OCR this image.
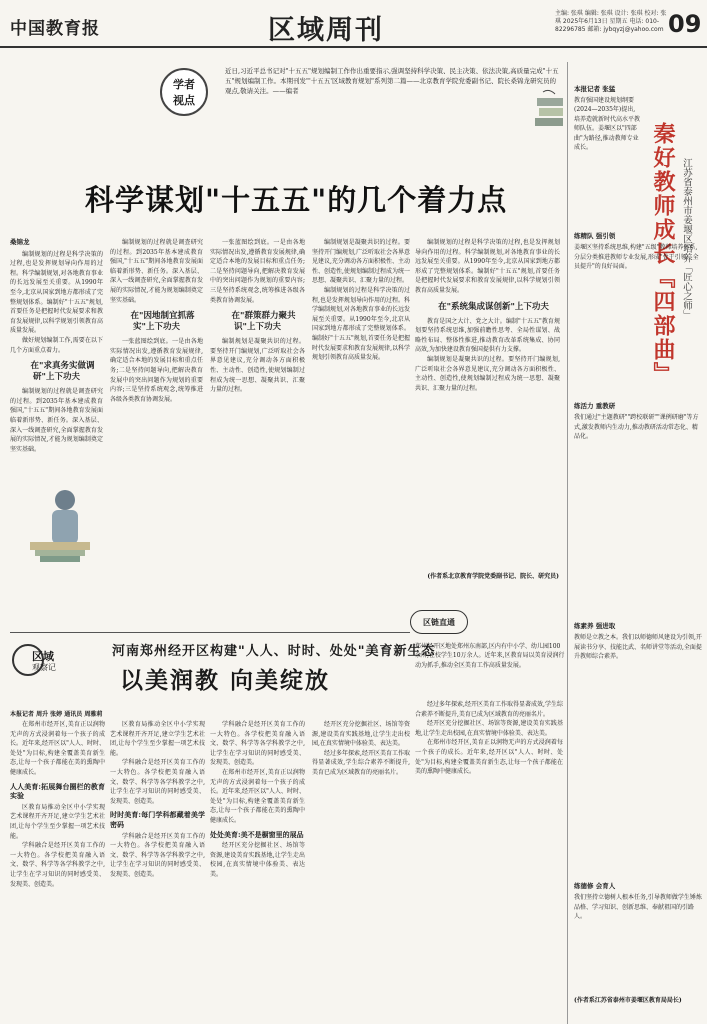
中国教育报	区域周刊
主编: 张琪 编辑: 张琪 设计: 张琪 校对: 张琪 2025年6月13日 星期五 电话: 010-82296785 邮箱: jybqyzj@yahoo.com 09
学者
视点
近日,习近平总书记对"十五五"规划编制工作作出重要指示,强调坚持科学决策、民主决策、依法决策,高质量完成"十五五"规划编制工作。本期刊发"'十五五'区域教育规划"系列第二篇——北京教育学院党委副书记、院长桑锦龙研究员的观点,敬请关注。——编者
科学谋划"十五五"的几个着力点

桑锦龙

编制规划的过程是科学决策的过程,也是发挥规划导向作用的过程。科学编制规划,对各地教育事业的长远发展至关重要。从1990年至今,北京从国家到地方都形成了完整规划体系。编制好"十五五"规划,首要任务是把握时代发展要求和教育发展规律,以科学规划引领教育高质量发展。

做好规划编制工作,需要在以下几个方面重点着力。

在"求真务实做调研"上下功夫

编制规划的过程就是调查研究的过程。到2035年基本建成教育强国,"十五五"期间各地教育发展面临着新形势、新任务。深入基层、深入一线调查研究,全面掌握教育发展的实际情况,才能为规划编制奠定坚实基础。

编制规划的过程就是调查研究的过程。到2035年基本建成教育强国,"十五五"期间各地教育发展面临着新形势、新任务。深入基层、深入一线调查研究,全面掌握教育发展的实际情况,才能为规划编制奠定坚实基础。

在"因地制宜抓落实"上下功夫

一张蓝图绘到底。一是由各地实际情况出发,遵循教育发展规律,确定适合本地的发展目标和重点任务;二是坚持问题导向,把解决教育发展中的突出问题作为规划的重要内容;三是坚持系统观念,统筹推进各级各类教育协调发展。

一张蓝图绘到底。一是由各地实际情况出发,遵循教育发展规律,确定适合本地的发展目标和重点任务;二是坚持问题导向,把解决教育发展中的突出问题作为规划的重要内容;三是坚持系统观念,统筹推进各级各类教育协调发展。

在"群策群力聚共识"上下功夫

编制规划是凝聚共识的过程。要坚持开门编规划,广泛听取社会各界意见建议,充分调动各方面积极性、主动性、创造性,使规划编制过程成为统一思想、凝聚共识、汇聚力量的过程。

编制规划是凝聚共识的过程。要坚持开门编规划,广泛听取社会各界意见建议,充分调动各方面积极性、主动性、创造性,使规划编制过程成为统一思想、凝聚共识、汇聚力量的过程。

编制规划的过程是科学决策的过程,也是发挥规划导向作用的过程。科学编制规划,对各地教育事业的长远发展至关重要。从1990年至今,北京从国家到地方都形成了完整规划体系。编制好"十五五"规划,首要任务是把握时代发展要求和教育发展规律,以科学规划引领教育高质量发展。

编制规划的过程是科学决策的过程,也是发挥规划导向作用的过程。科学编制规划,对各地教育事业的长远发展至关重要。从1990年至今,北京从国家到地方都形成了完整规划体系。编制好"十五五"规划,首要任务是把握时代发展要求和教育发展规律,以科学规划引领教育高质量发展。

在"系统集成谋创新"上下功夫

教育是国之大计、党之大计。编制"十五五"教育规划要坚持系统思维,加强前瞻性思考、全局性谋划、战略性布局、整体性推进,推动教育改革系统集成、协同高效,为加快建设教育强国提供有力支撑。

编制规划是凝聚共识的过程。要坚持开门编规划,广泛听取社会各界意见建议,充分调动各方面积极性、主动性、创造性,使规划编制过程成为统一思想、凝聚共识、汇聚力量的过程。

(作者系北京教育学院党委副书记、院长、研究员)
区链直通
郑州经开区地处郑州东南部,区内有中小学、幼儿园100余所,在校学生10万余人。近年来,区教育局以美育浸润行动为抓手,推动全区美育工作高质量发展。
区域
观察记
河南郑州经开区构建"人人、时时、处处"美育新生态
以美润教 向美绽放
本报记者 周升 张婷 通讯员 周雅莉

在郑州市经开区,美育正以润物无声的方式浸润着每一个孩子的成长。近年来,经开区以"人人、时时、处处"为目标,构建全覆盖美育新生态,让每一个孩子都能在美的熏陶中健康成长。

人人美育:拓展舞台圈栏的教育实验

区教育局推动全区中小学实现艺术课程开齐开足,建立学生艺术社团,让每个学生至少掌握一项艺术技能。

学科融合是经开区美育工作的一大特色。各学校把美育融入语文、数学、科学等各学科教学之中,让学生在学习知识的同时感受美、发现美、创造美。

区教育局推动全区中小学实现艺术课程开齐开足,建立学生艺术社团,让每个学生至少掌握一项艺术技能。

学科融合是经开区美育工作的一大特色。各学校把美育融入语文、数学、科学等各学科教学之中,让学生在学习知识的同时感受美、发现美、创造美。

时时美育:每门学科都藏着美学密码

学科融合是经开区美育工作的一大特色。各学校把美育融入语文、数学、科学等各学科教学之中,让学生在学习知识的同时感受美、发现美、创造美。

学科融合是经开区美育工作的一大特色。各学校把美育融入语文、数学、科学等各学科教学之中,让学生在学习知识的同时感受美、发现美、创造美。

在郑州市经开区,美育正以润物无声的方式浸润着每一个孩子的成长。近年来,经开区以"人人、时时、处处"为目标,构建全覆盖美育新生态,让每一个孩子都能在美的熏陶中健康成长。

处处美育:美不是橱窗里的展品

经开区充分挖掘社区、场馆等资源,建设美育实践基地,让学生走出校园,在真实情境中体验美、表达美。

经开区充分挖掘社区、场馆等资源,建设美育实践基地,让学生走出校园,在真实情境中体验美、表达美。

经过多年探索,经开区美育工作取得显著成效,学生综合素养不断提升,美育已成为区域教育的亮丽名片。

经过多年探索,经开区美育工作取得显著成效,学生综合素养不断提升,美育已成为区域教育的亮丽名片。

经开区充分挖掘社区、场馆等资源,建设美育实践基地,让学生走出校园,在真实情境中体验美、表达美。

在郑州市经开区,美育正以润物无声的方式浸润着每一个孩子的成长。近年来,经开区以"人人、时时、处处"为目标,构建全覆盖美育新生态,让每一个孩子都能在美的熏陶中健康成长。

本报记者 张猛
教育强国建设规划纲要(2024—2035年)提出,培养造就新时代高水平教师队伍。姜堰区以"四部曲"为路径,推动教师专业成长。	秦好教师成长『四部曲』 江苏省泰州市姜堰区培养「匠心之师」
练精队 强引领
姜堰区坚持系统思维,构建"五级"教师培养体系,分层分类推进教师专业发展,形成"骨干引领、全员提升"的良好局面。
练活力 重教研
我们通过"主题教研""跨校联研""课例研磨"等方式,激发教师内生动力,推动教研活动常态化、精品化。
练素养 强进取
教师是立教之本。我们以师德师风建设为引领,开展读书分享、技能比武、名师讲堂等活动,全面提升教师综合素养。
练德修 会育人
我们坚持立德树人根本任务,引导教师做学生锤炼品格、学习知识、创新思维、奉献祖国的引路人。
(作者系江苏省泰州市姜堰区教育局局长)
